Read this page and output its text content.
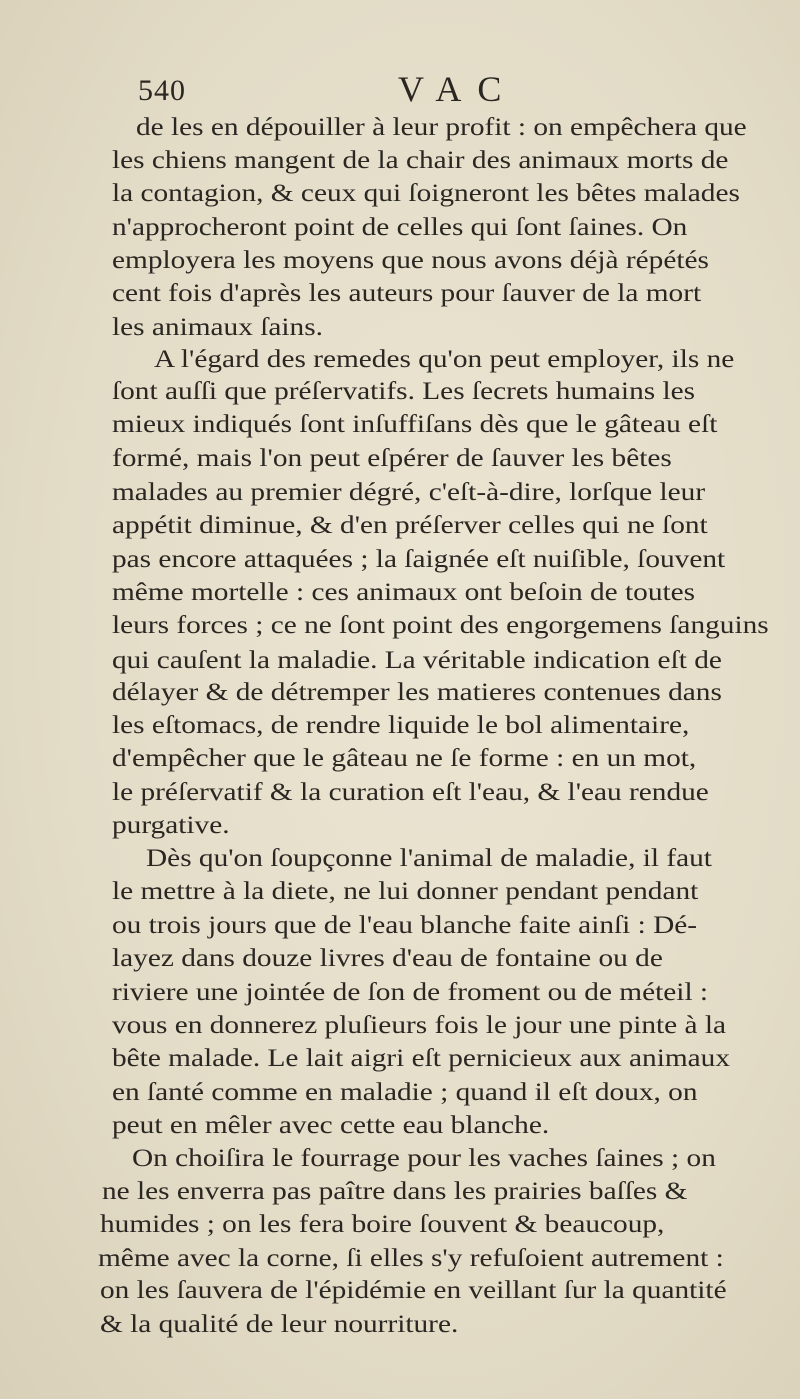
540	VAC
de les en dépouiller à leur profit : on empêchera que
les chiens mangent de la chair des animaux morts de
la contagion, & ceux qui ſoigneront les bêtes malades
n'approcheront point de celles qui ſont ſaines. On
employera les moyens que nous avons déjà répétés
cent fois d'après les auteurs pour ſauver de la mort
les animaux ſains.
A l'égard des remedes qu'on peut employer, ils ne
ſont auſſi que préſervatifs. Les ſecrets humains les
mieux indiqués ſont inſuffiſans dès que le gâteau eſt
formé, mais l'on peut eſpérer de ſauver les bêtes
malades au premier dégré, c'eſt-à-dire, lorſque leur
appétit diminue, & d'en préſerver celles qui ne ſont
pas encore attaquées ; la ſaignée eſt nuiſible, ſouvent
même mortelle : ces animaux ont beſoin de toutes
leurs forces ; ce ne ſont point des engorgemens ſanguins
qui cauſent la maladie. La véritable indication eſt de
délayer & de détremper les matieres contenues dans
les eſtomacs, de rendre liquide le bol alimentaire,
d'empêcher que le gâteau ne ſe forme : en un mot,
le préſervatif & la curation eſt l'eau, & l'eau rendue
purgative.
Dès qu'on ſoupçonne l'animal de maladie, il faut
le mettre à la diete, ne lui donner pendant pendant
ou trois jours que de l'eau blanche faite ainſi : Dé-
layez dans douze livres d'eau de fontaine ou de
riviere une jointée de ſon de froment ou de méteil :
vous en donnerez pluſieurs fois le jour une pinte à la
bête malade. Le lait aigri eſt pernicieux aux animaux
en ſanté comme en maladie ; quand il eſt doux, on
peut en mêler avec cette eau blanche.
On choiſira le fourrage pour les vaches ſaines ; on
ne les enverra pas paître dans les prairies baſſes &
humides ; on les fera boire ſouvent & beaucoup,
même avec la corne, ſi elles s'y refuſoient autrement :
on les ſauvera de l'épidémie en veillant ſur la quantité
& la qualité de leur nourriture.
